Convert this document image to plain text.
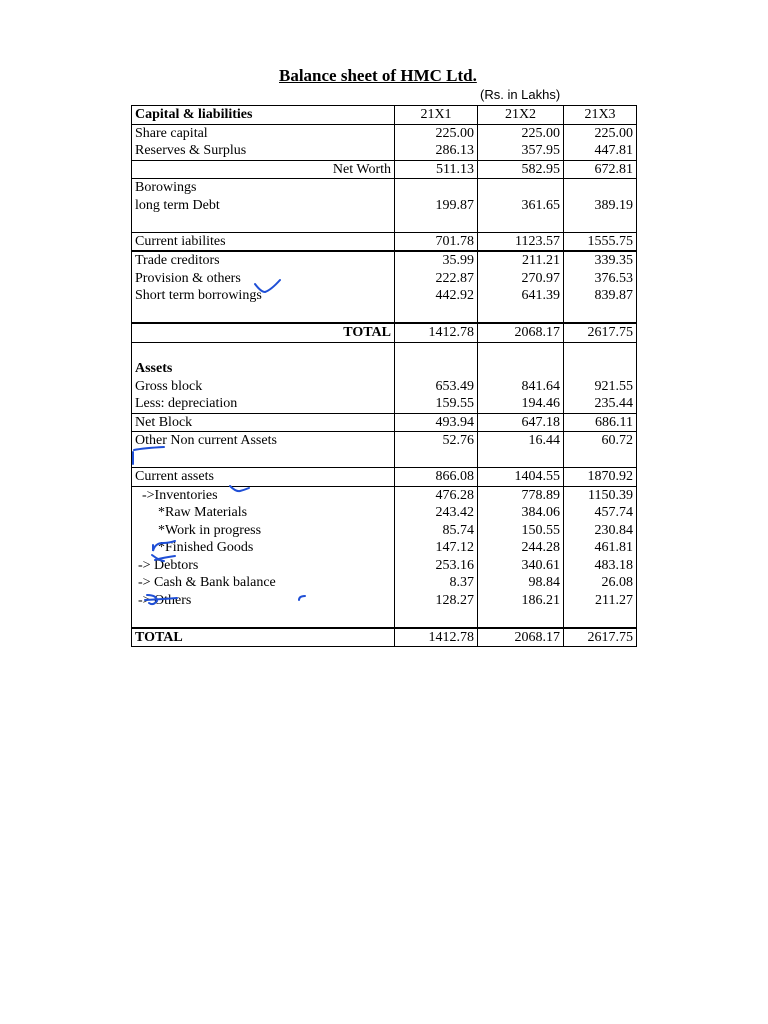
Balance sheet of HMC Ltd.
(Rs. in Lakhs)
Capital & liabilities	21X1	21X2	21X3
Share capital	225.00	225.00	225.00
Reserves & Surplus	286.13	357.95	447.81
Net Worth	511.13	582.95	672.81
Borowings			
long term Debt	199.87	361.65	389.19

Current iabilites	701.78	1123.57	1555.75
Trade creditors	35.99	211.21	339.35
Provision & others	222.87	270.97	376.53
Short term borrowings	442.92	641.39	839.87

TOTAL	1412.78	2068.17	2617.75

Assets			
Gross block	653.49	841.64	921.55
Less: depreciation	159.55	194.46	235.44
Net Block	493.94	647.18	686.11
Other Non current Assets	52.76	16.44	60.72

Current assets	866.08	1404.55	1870.92
->Inventories	476.28	778.89	1150.39
*Raw Materials	243.42	384.06	457.74
*Work in progress	85.74	150.55	230.84
*Finished Goods	147.12	244.28	461.81
-> Debtors	253.16	340.61	483.18
-> Cash & Bank balance	8.37	98.84	26.08
-> Others	128.27	186.21	211.27

TOTAL	1412.78	2068.17	2617.75
